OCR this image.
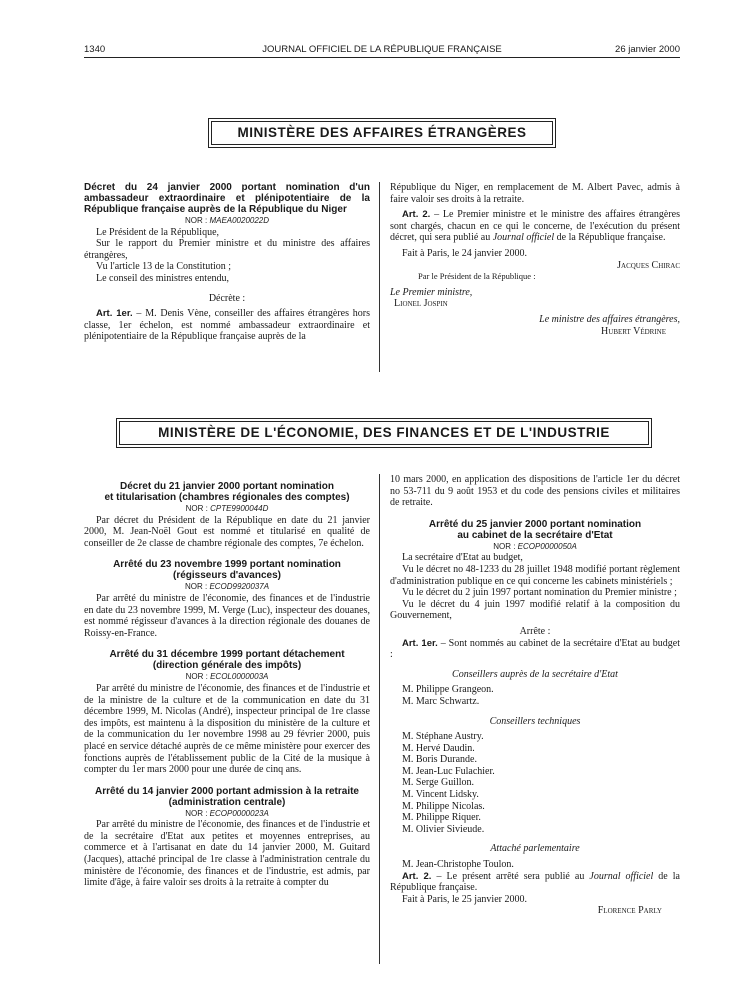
1340	JOURNAL OFFICIEL DE LA RÉPUBLIQUE FRANÇAISE	26 janvier 2000
MINISTÈRE DES AFFAIRES ÉTRANGÈRES

Décret du 24 janvier 2000 portant nomination d'un ambassadeur extraordinaire et plénipotentiaire de la République française auprès de la République du Niger

NOR : MAEA0020022D

Le Président de la République,

Sur le rapport du Premier ministre et du ministre des affaires étrangères,

Vu l'article 13 de la Constitution ;

Le conseil des ministres entendu,

Décrète :

Art. 1er. – M. Denis Vène, conseiller des affaires étrangères hors classe, 1er échelon, est nommé ambassadeur extraordinaire et plénipotentiaire de la République française auprès de la

République du Niger, en remplacement de M. Albert Pavec, admis à faire valoir ses droits à la retraite.

Art. 2. – Le Premier ministre et le ministre des affaires étrangères sont chargés, chacun en ce qui le concerne, de l'exécution du présent décret, qui sera publié au Journal officiel de la République française.

Fait à Paris, le 24 janvier 2000.

Jacques Chirac

Par le Président de la République :

Le Premier ministre,

Lionel Jospin

Le ministre des affaires étrangères,

Hubert Védrine

MINISTÈRE DE L'ÉCONOMIE, DES FINANCES ET DE L'INDUSTRIE

Décret du 21 janvier 2000 portant nomination
et titularisation (chambres régionales des comptes)

NOR : CPTE9900044D

Par décret du Président de la République en date du 21 janvier 2000, M. Jean-Noël Gout est nommé et titularisé en qualité de conseiller de 2e classe de chambre régionale des comptes, 7e échelon.

Arrêté du 23 novembre 1999 portant nomination
(régisseurs d'avances)

NOR : ECOD9920037A

Par arrêté du ministre de l'économie, des finances et de l'industrie en date du 23 novembre 1999, M. Verge (Luc), inspecteur des douanes, est nommé régisseur d'avances à la direction régionale des douanes de Roissy-en-France.

Arrêté du 31 décembre 1999 portant détachement
(direction générale des impôts)

NOR : ECOL0000003A

Par arrêté du ministre de l'économie, des finances et de l'industrie et de la ministre de la culture et de la communication en date du 31 décembre 1999, M. Nicolas (André), inspecteur principal de 1re classe des impôts, est maintenu à la disposition du ministère de la culture et de la communication du 1er novembre 1998 au 29 février 2000, puis placé en service détaché auprès de ce même ministère pour exercer des fonctions auprès de l'établissement public de la Cité de la musique à compter du 1er mars 2000 pour une durée de cinq ans.

Arrêté du 14 janvier 2000 portant admission à la retraite
(administration centrale)

NOR : ECOP0000023A

Par arrêté du ministre de l'économie, des finances et de l'industrie et de la secrétaire d'Etat aux petites et moyennes entreprises, au commerce et à l'artisanat en date du 14 janvier 2000, M. Guitard (Jacques), attaché principal de 1re classe à l'administration centrale du ministère de l'économie, des finances et de l'industrie, est admis, par limite d'âge, à faire valoir ses droits à la retraite à compter du

10 mars 2000, en application des dispositions de l'article 1er du décret no 53-711 du 9 août 1953 et du code des pensions civiles et militaires de retraite.

Arrêté du 25 janvier 2000 portant nomination
au cabinet de la secrétaire d'Etat

NOR : ECOP0000050A

La secrétaire d'Etat au budget,

Vu le décret no 48-1233 du 28 juillet 1948 modifié portant règlement d'administration publique en ce qui concerne les cabinets ministériels ;

Vu le décret du 2 juin 1997 portant nomination du Premier ministre ;

Vu le décret du 4 juin 1997 modifié relatif à la composition du Gouvernement,

Arrête :

Art. 1er. – Sont nommés au cabinet de la secrétaire d'Etat au budget :

Conseillers auprès de la secrétaire d'Etat

M. Philippe Grangeon.

M. Marc Schwartz.

Conseillers techniques

M. Stéphane Austry.

M. Hervé Daudin.

M. Boris Durande.

M. Jean-Luc Fulachier.

M. Serge Guillon.

M. Vincent Lidsky.

M. Philippe Nicolas.

M. Philippe Riquer.

M. Olivier Sivieude.

Attaché parlementaire

M. Jean-Christophe Toulon.

Art. 2. – Le présent arrêté sera publié au Journal officiel de la République française.

Fait à Paris, le 25 janvier 2000.

Florence Parly
